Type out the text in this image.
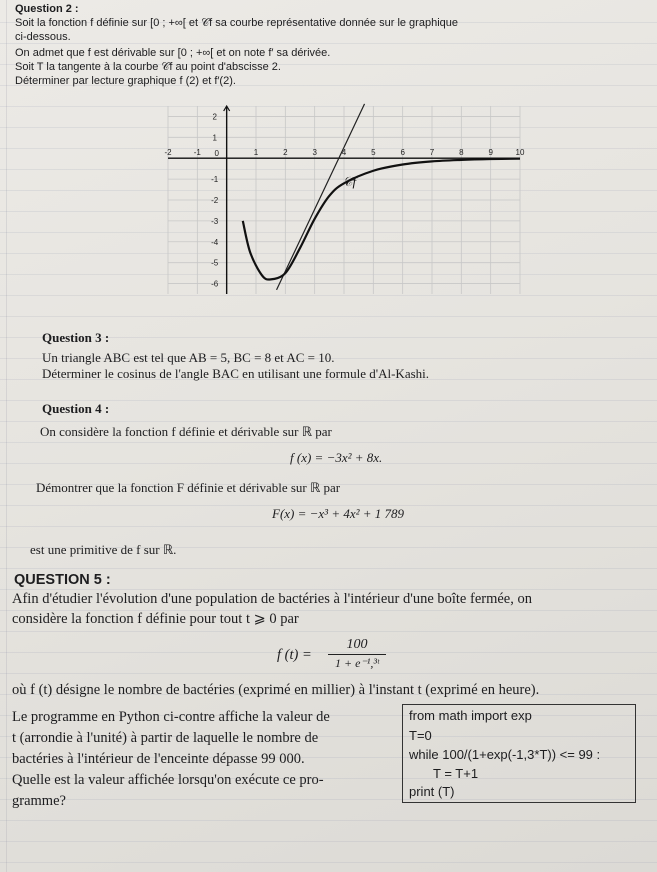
Question 2 :
Soit la fonction f définie sur [0 ; +∞[ et 𝒞f sa courbe représentative donnée sur le graphique
ci-dessous.
On admet que f est dérivable sur [0 ; +∞[ et on note f′ sa dérivée.
Soit T la tangente à la courbe 𝒞f au point d'abscisse 2.
Déterminer par lecture graphique f (2) et f′(2).
-2	-1	1	2	3	4	5	6	7	8	9	10
2
1
0
-1
-2
-3
-4
-5
-6
𝒞f
Question 3 :
Un triangle ABC est tel que AB = 5, BC = 8 et AC = 10.
Déterminer le cosinus de l'angle BAC en utilisant une formule d'Al-Kashi.
Question 4 :
On considère la fonction f définie et dérivable sur ℝ par
f (x) = −3x² + 8x.
Démontrer que la fonction F définie et dérivable sur ℝ par
F(x) = −x³ + 4x² + 1 789
est une primitive de f sur ℝ.
QUESTION 5 :
Afin d'étudier l'évolution d'une population de bactéries à l'intérieur d'une boîte fermée, on
considère la fonction f définie pour tout t ⩾ 0 par
f $(t) = \frac{100}{\text{1 + e⁻¹,³ᵗ}}$
où f (t) désigne le nombre de bactéries (exprimé en millier) à l'instant t (exprimé en heure).
Le programme en Python ci-contre affiche la valeur de
t (arrondie à l'unité) à partir de laquelle le nombre de
bactéries à l'intérieur de l'enceinte dépasse 99 000.
Quelle est la valeur affichée lorsqu'on exécute ce pro-
gramme?
from math import exp
T=0
while 100/(1+exp(-1,3*T)) <= 99 :
T = T+1
print (T)
